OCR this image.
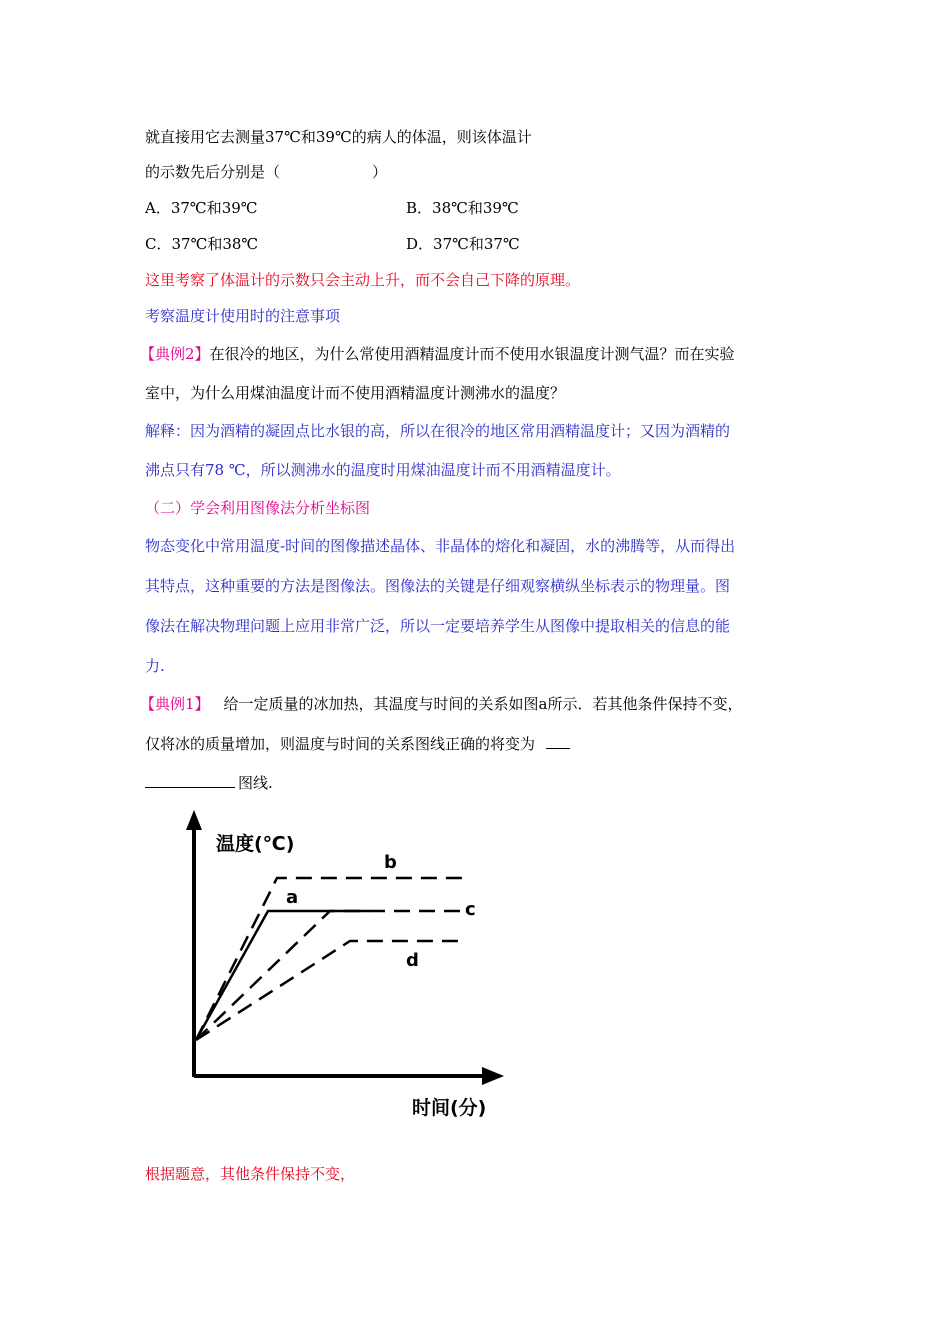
就直接用它去测量37℃和39℃的病人的体温，则该体温计
的示数先后分别是（	）
A．37℃和39℃	B．38℃和39℃
C．37℃和38℃	D．37℃和37℃
这里考察了体温计的示数只会主动上升，而不会自己下降的原理。
考察温度计使用时的注意事项
【典例2】在很冷的地区，为什么常使用酒精温度计而不使用水银温度计测气温？而在实验
室中，为什么用煤油温度计而不使用酒精温度计测沸水的温度？
解释：因为酒精的凝固点比水银的高，所以在很冷的地区常用酒精温度计；又因为酒精的
沸点只有78 ℃，所以测沸水的温度时用煤油温度计而不用酒精温度计。
（二）学会利用图像法分析坐标图
物态变化中常用温度-时间的图像描述晶体、非晶体的熔化和凝固，水的沸腾等，从而得出
其特点，这种重要的方法是图像法。图像法的关键是仔细观察横纵坐标表示的物理量。图
像法在解决物理问题上应用非常广泛，所以一定要培养学生从图像中提取相关的信息的能
力.
【典例1】 给一定质量的冰加热，其温度与时间的关系如图a所示．若其他条件保持不变，
仅将冰的质量增加，则温度与时间的关系图线正确的将变为
图线.
温度(℃)
时间(分)
a
b
c
d
根据题意，其他条件保持不变，
